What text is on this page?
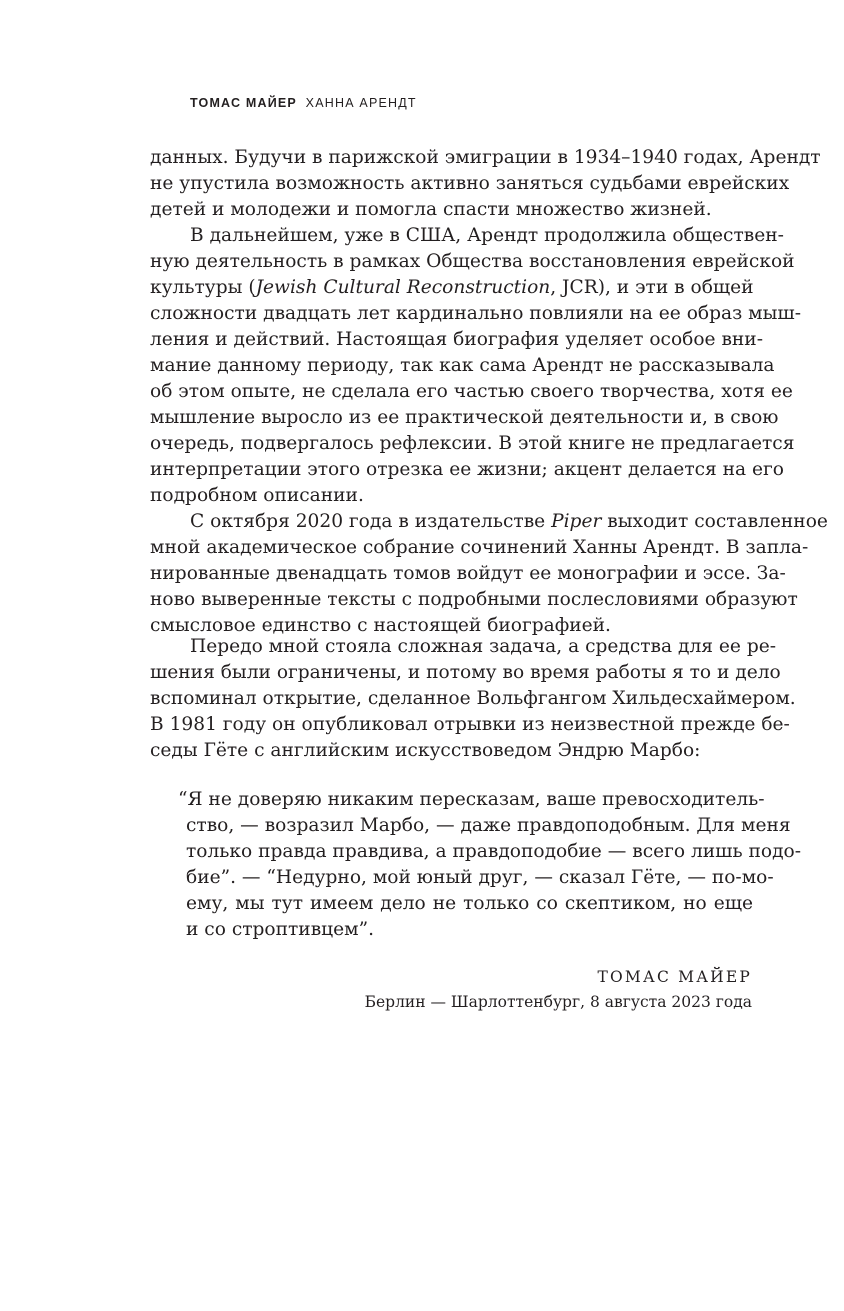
ТОМАС МАЙЕР ХАННА АРЕНДТ
данных. Будучи в парижской эмиграции в 1934–1940 годах, Арендт
не упустила возможность активно заняться судьбами еврейских
детей и молодежи и помогла спасти множество жизней.
В дальнейшем, уже в США, Арендт продолжила обществен-
ную деятельность в рамках Общества восстановления еврейской
культуры (Jewish Cultural Reconstruction, JCR), и эти в общей
сложности двадцать лет кардинально повлияли на ее образ мыш-
ления и действий. Настоящая биография уделяет особое вни-
мание данному периоду, так как сама Арендт не рассказывала
об этом опыте, не сделала его частью своего творчества, хотя ее
мышление выросло из ее практической деятельности и, в свою
очередь, подвергалось рефлексии. В этой книге не предлагается
интерпретации этого отрезка ее жизни; акцент делается на его
подробном описании.
С октября 2020 года в издательстве Piper выходит составленное
мной академическое собрание сочинений Ханны Арендт. В запла-
нированные двенадцать томов войдут ее монографии и эссе. За-
ново выверенные тексты с подробными послесловиями образуют
смысловое единство с настоящей биографией.
Передо мной стояла сложная задача, а средства для ее ре-
шения были ограничены, и потому во время работы я то и дело
вспоминал открытие, сделанное Вольфгангом Хильдесхаймером.
В 1981 году он опубликовал отрывки из неизвестной прежде бе-
седы Гёте с английским искусствоведом Эндрю Марбо:
“Я не доверяю никаким пересказам, ваше превосходитель-
ство, — возразил Марбо, — даже правдоподобным. Для меня
только правда правдива, а правдоподобие — всего лишь подо-
бие”. — “Недурно, мой юный друг, — сказал Гёте, — по-мо-
ему, мы тут имеем дело не только со скептиком, но еще
и со строптивцем”.
ТОМАС МАЙЕР
Берлин — Шарлоттенбург, 8 августа 2023 года
